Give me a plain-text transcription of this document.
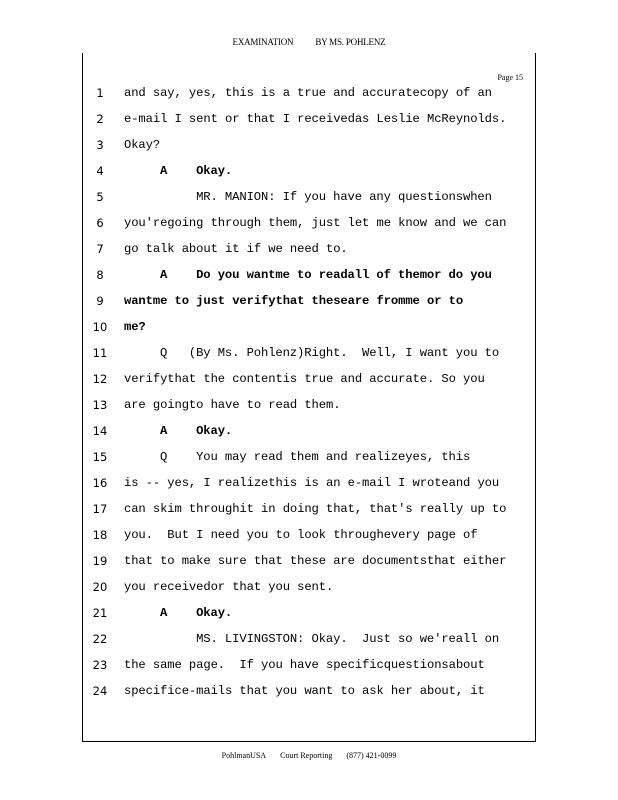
EXAMINATION BY MS. POHLENZ
Page 15
1	and say, yes, this is a true and accuratecopy of an
2	e-mail I sent or that I receivedas Leslie McReynolds.
3	Okay?
4	A    Okay.
5	MR. MANION: If you have any questionswhen
6	you'regoing through them, just let me know and we can
7	go talk about it if we need to.
8	A    Do you wantme to readall of themor do you
9	wantme to just verifythat theseare fromme or to
10 me?
11	Q   (By Ms. Pohlenz)Right.  Well, I want you to
12 verifythat the contentis true and accurate. So you
13 are goingto have to read them.
14	A    Okay.
15	Q    You may read them and realizeyes, this
16 is -- yes, I realizethis is an e-mail I wroteand you
17 can skim throughit in doing that, that's really up to
18 you.  But I need you to look throughevery page of
19 that to make sure that these are documentsthat either
20 you receivedor that you sent.
21	A    Okay.
22	MS. LIVINGSTON: Okay.  Just so we'reall on
23 the same page.  If you have specificquestionsabout
24 specifice-mails that you want to ask her about, it
PohlmanUSA Court Reporting (877) 421-0099
